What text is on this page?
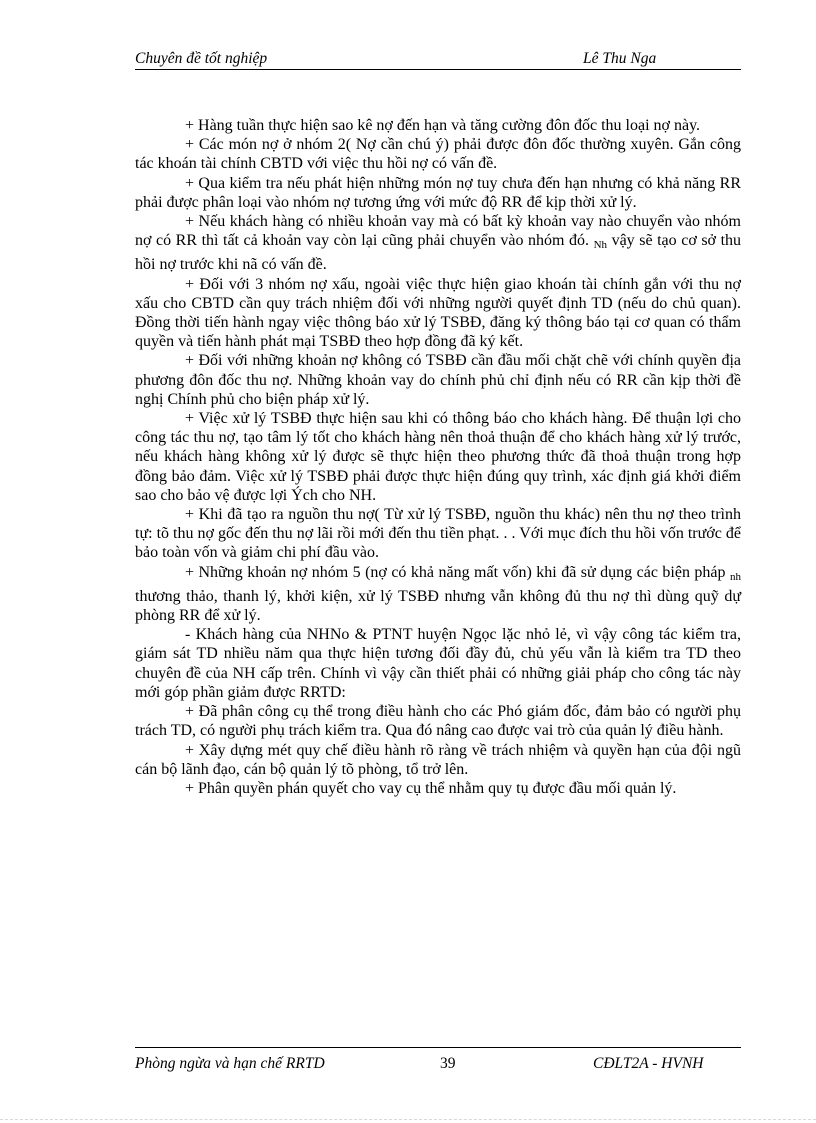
Chuyên đề tốt nghiệp	Lê Thu Nga

+ Hàng tuần thực hiện sao kê nợ đến hạn và tăng cường đôn đốc thu loại nợ này.

+ Các món nợ ở nhóm 2( Nợ cần chú ý) phải được đôn đốc thường xuyên. Gắn công tác khoán tài chính CBTD với việc thu hồi nợ có vấn đề.

+ Qua kiểm tra nếu phát hiện những món nợ tuy chưa đến hạn nhưng có khả năng RR phải được phân loại vào nhóm nợ tương ứng với mức độ RR để kịp thời xử lý.

+ Nếu khách hàng có nhiều khoản vay mà có bất kỳ khoản vay nào chuyển vào nhóm nợ có RR thì tất cả khoản vay còn lại cũng phải chuyển vào nhóm đó. Nh vậy sẽ tạo cơ sở thu hồi nợ trước khi nã có vấn đề.

+ Đối với 3 nhóm nợ xấu, ngoài việc thực hiện giao khoán tài chính gắn với thu nợ xấu cho CBTD cần quy trách nhiệm đối với những người quyết định TD (nếu do chủ quan). Đồng thời tiến hành ngay việc thông báo xử lý TSBĐ, đăng ký thông báo tại cơ quan có thẩm quyền và tiến hành phát mại TSBĐ theo hợp đồng đã ký kết.

+ Đối với những khoản nợ không có TSBĐ cần đầu mối chặt chẽ với chính quyền địa phương đôn đốc thu nợ. Những khoản vay do chính phủ chỉ định nếu có RR cần kịp thời đề nghị Chính phủ cho biện pháp xử lý.

+ Việc xử lý TSBĐ thực hiện sau khi có thông báo cho khách hàng. Để thuận lợi cho công tác thu nợ, tạo tâm lý tốt cho khách hàng nên thoả thuận để cho khách hàng xử lý trước, nếu khách hàng không xử lý được sẽ thực hiện theo phương thức đã thoả thuận trong hợp đồng bảo đảm. Việc xử lý TSBĐ phải được thực hiện đúng quy trình, xác định giá khởi điểm sao cho bảo vệ được lợi Ých cho NH.

+ Khi đã tạo ra nguồn thu nợ( Từ xử lý TSBĐ, nguồn thu khác) nên thu nợ theo trình tự: tõ thu nợ gốc đến thu nợ lãi rồi mới đến thu tiền phạt. . . Với mục đích thu hồi vốn trước để bảo toàn vốn và giảm chi phí đầu vào.

+ Những khoản nợ nhóm 5 (nợ có khả năng mất vốn) khi đã sử dụng các biện pháp nh thương thảo, thanh lý, khởi kiện, xử lý TSBĐ nhưng vẫn không đủ thu nợ thì dùng quỹ dự phòng RR để xử lý.

- Khách hàng của NHNo & PTNT huyện Ngọc lặc nhỏ lẻ, vì vậy công tác kiểm tra, giám sát TD nhiều năm qua thực hiện tương đối đầy đủ, chủ yếu vẫn là kiểm tra TD theo chuyên đề của NH cấp trên. Chính vì vậy cần thiết phải có những giải pháp cho công tác này mới góp phần giảm được RRTD:

+ Đã phân công cụ thể trong điều hành cho các Phó giám đốc, đảm bảo có người phụ trách TD, có người phụ trách kiểm tra. Qua đó nâng cao được vai trò của quản lý điều hành.

+ Xây dựng mét quy chế điều hành rõ ràng về trách nhiệm và quyền hạn của đội ngũ cán bộ lãnh đạo, cán bộ quản lý tõ phòng, tổ trở lên.

+ Phân quyền phán quyết cho vay cụ thể nhằm quy tụ được đầu mối quản lý.

Phòng ngừa và hạn chế RRTD	39	CĐLT2A - HVNH
